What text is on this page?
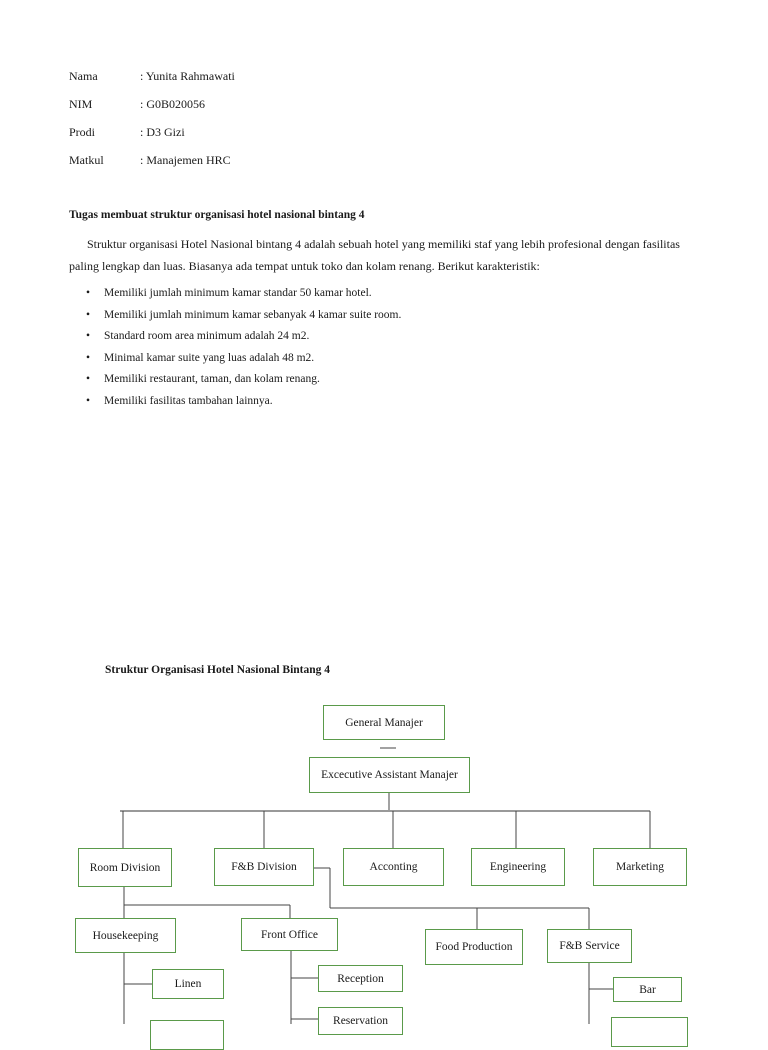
Nama	: Yunita Rahmawati
NIM	: G0B020056
Prodi	: D3 Gizi
Matkul	: Manajemen HRC
Tugas membuat struktur organisasi hotel nasional bintang 4

Struktur organisasi Hotel Nasional bintang 4 adalah sebuah hotel yang memiliki staf yang lebih profesional dengan fasilitas paling lengkap dan luas. Biasanya ada tempat untuk toko dan kolam renang. Berikut karakteristik:

• Memiliki jumlah minimum kamar standar 50 kamar hotel.
• Memiliki jumlah minimum kamar sebanyak 4 kamar suite room.
• Standard room area minimum adalah 24 m2.
• Minimal kamar suite yang luas adalah 48 m2.
• Memiliki restaurant, taman, dan kolam renang.
• Memiliki fasilitas tambahan lainnya.
Struktur Organisasi Hotel Nasional Bintang 4
General Manajer
Excecutive Assistant Manajer
Room Division	F&B Division	Acconting	Engineering	Marketing
Housekeeping	Front Office
Food Production	F&B Service
Linen	Reception
Reservation
Bar
